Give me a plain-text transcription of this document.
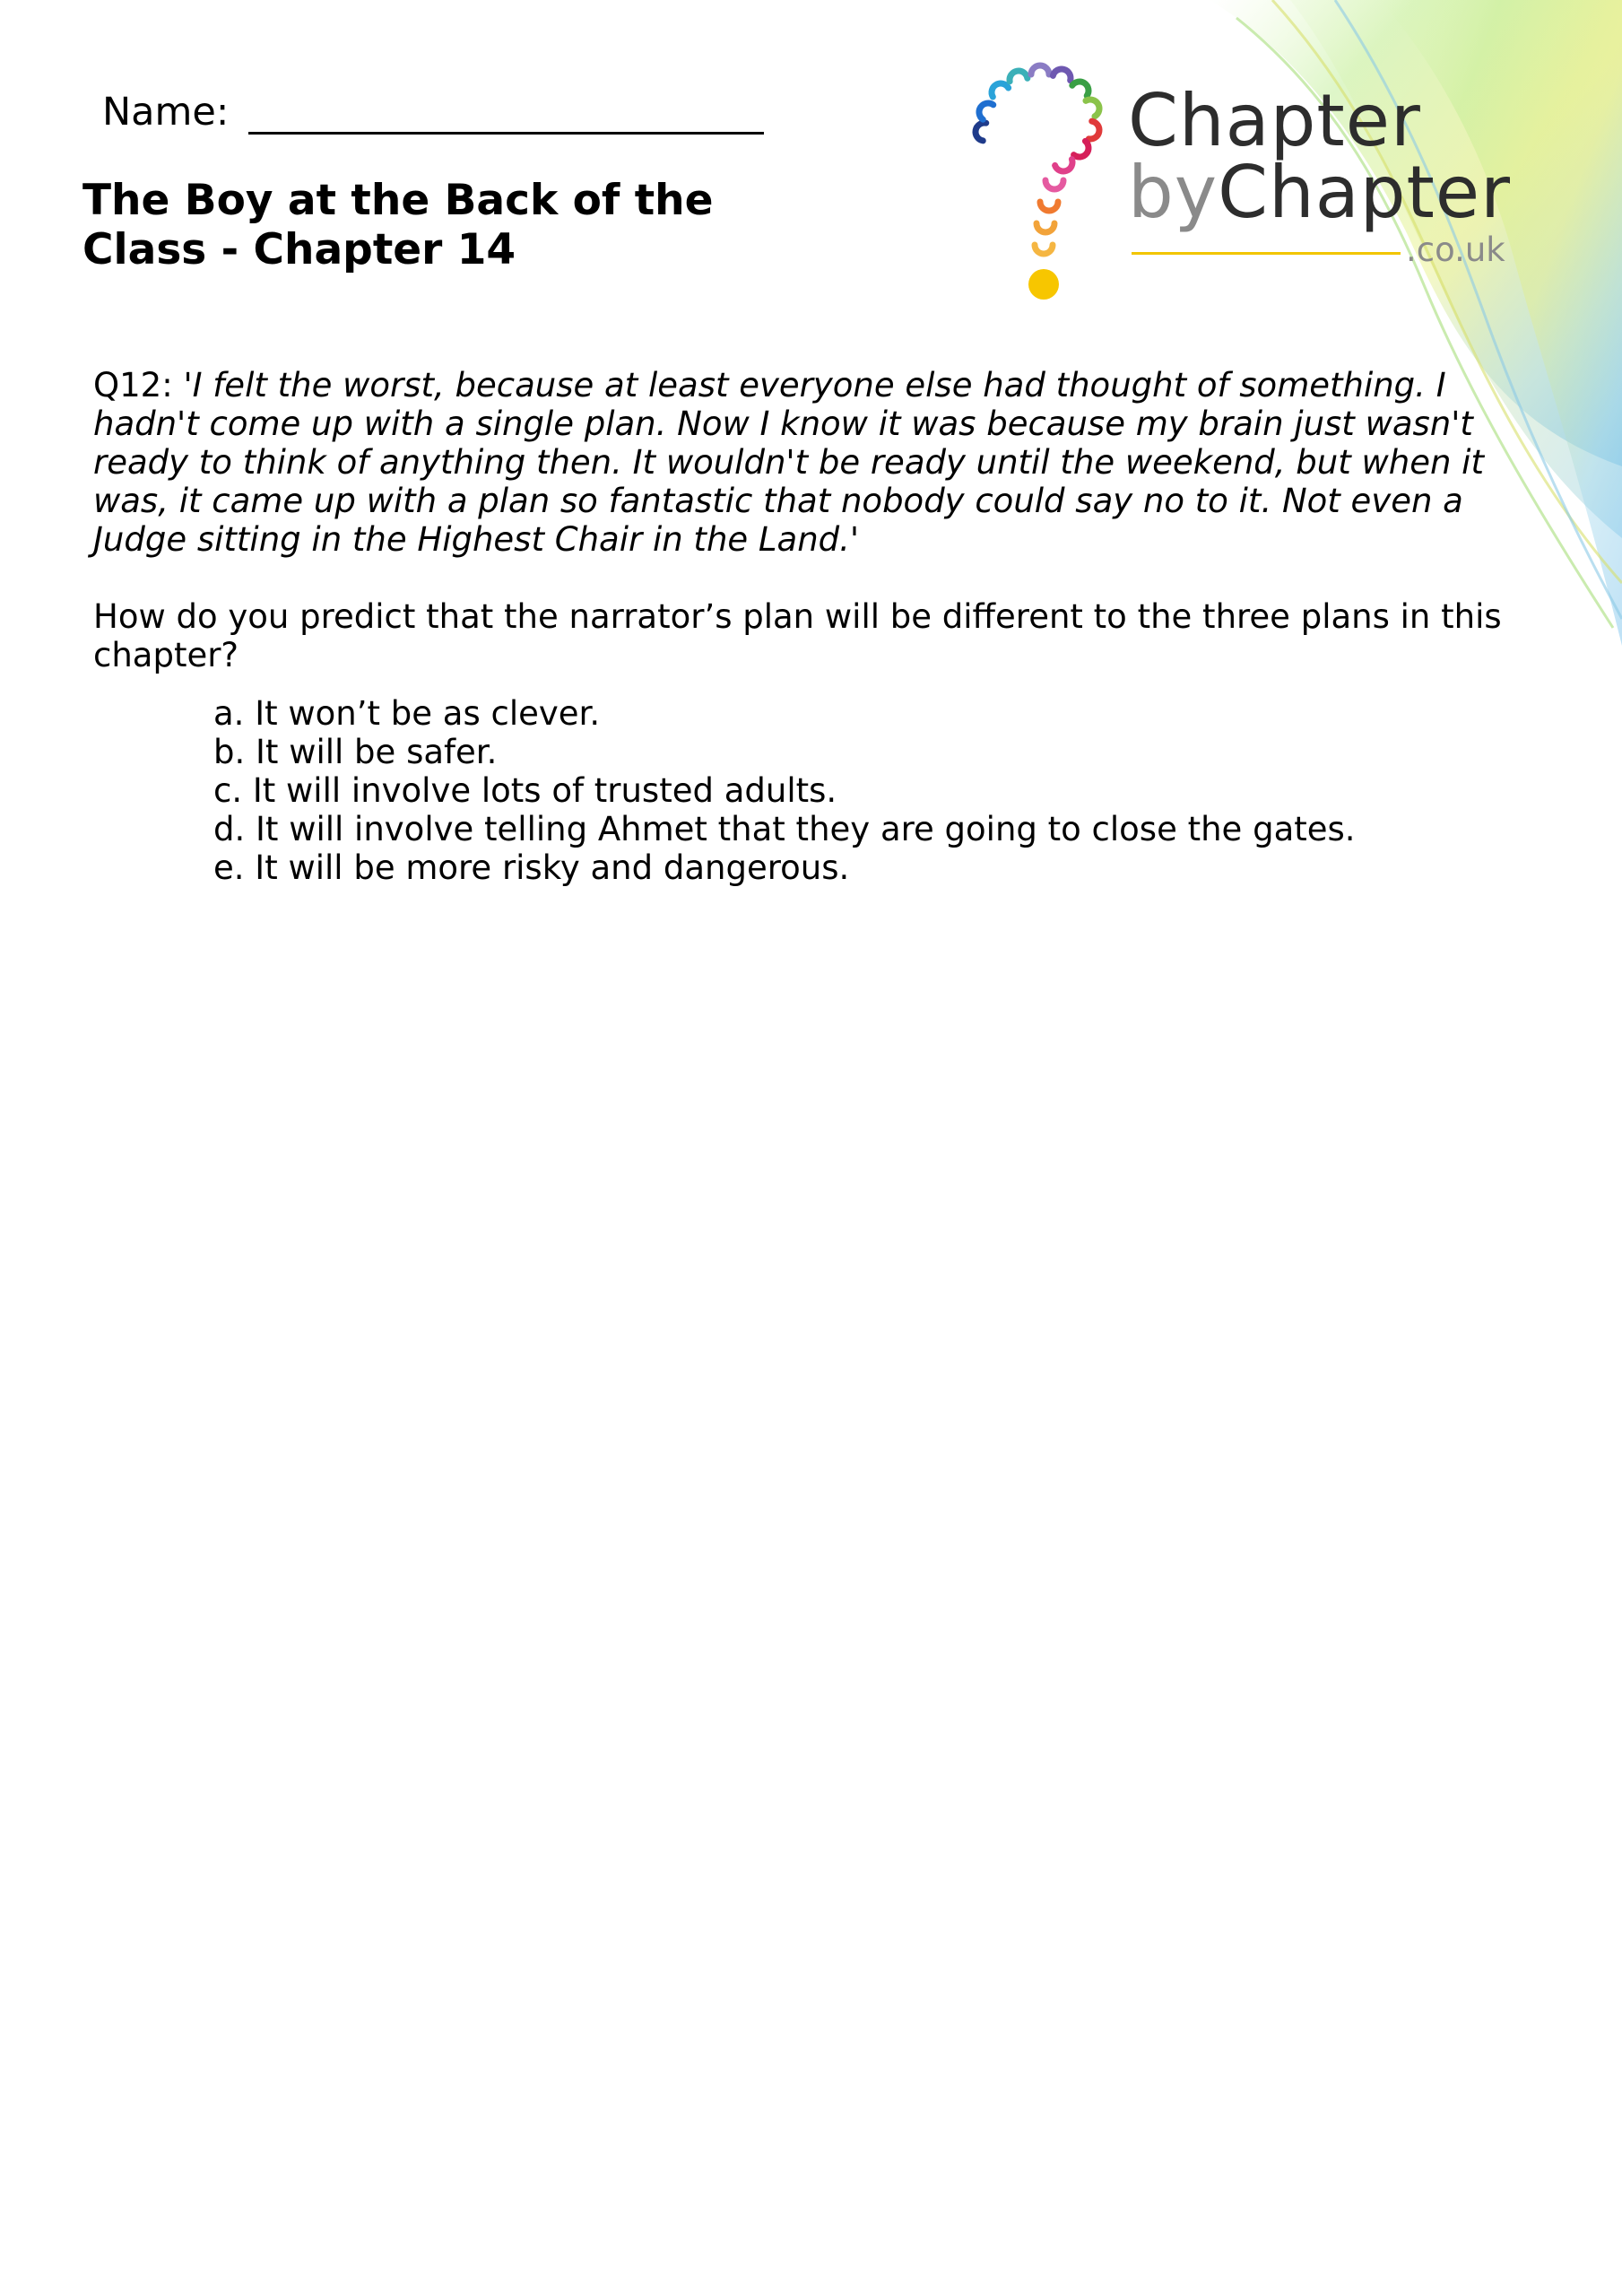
Name:
The Boy at the Back of the Class - Chapter 14
Chapter
byChapter
.co.uk

Q12: 'I felt the worst, because at least everyone else had thought of something. I hadn't come up with a single plan. Now I know it was because my brain just wasn't ready to think of anything then. It wouldn't be ready until the weekend, but when it was, it came up with a plan so fantastic that nobody could say no to it. Not even a Judge sitting in the Highest Chair in the Land.'

How do you predict that the narrator’s plan will be different to the three plans in this chapter?

a. It won’t be as clever.
b. It will be safer.
c. It will involve lots of trusted adults.
d. It will involve telling Ahmet that they are going to close the gates.
e. It will be more risky and dangerous.
